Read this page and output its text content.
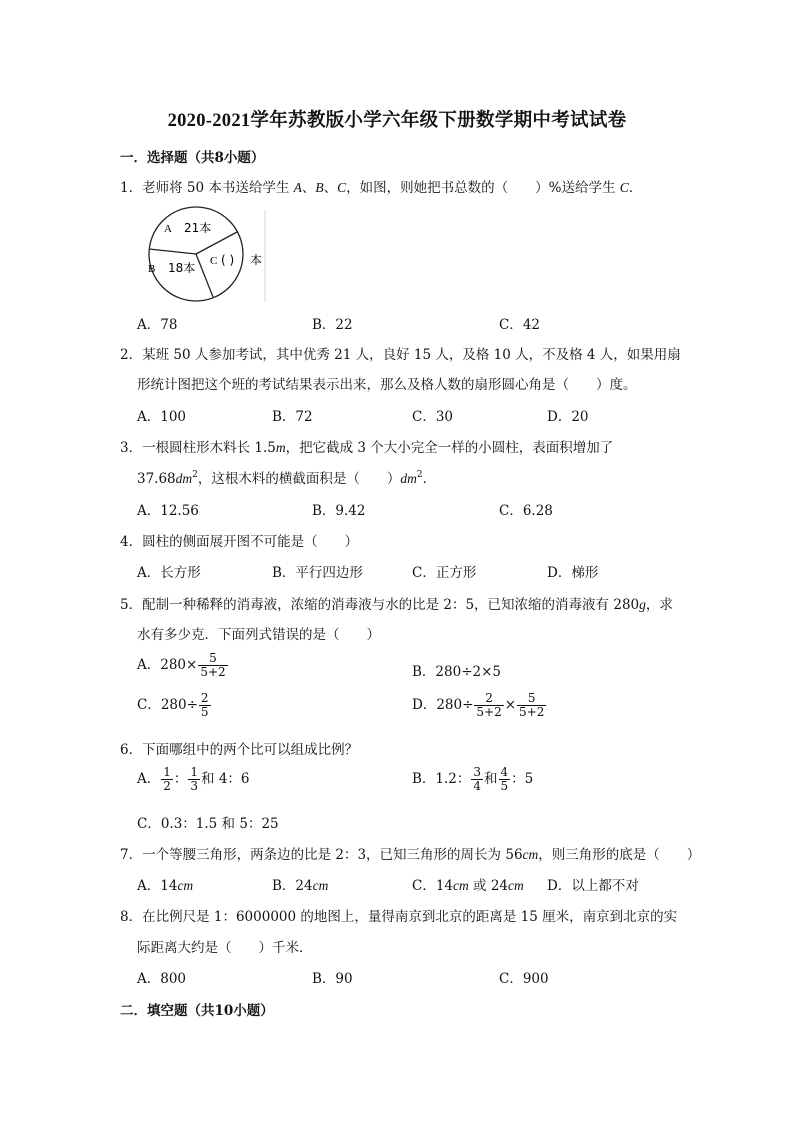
2020-2021学年苏教版小学六年级下册数学期中考试试卷
一．选择题（共8小题）
1．老师将 50 本书送给学生 A、B、C，如图，则她把书总数的（　　）%送给学生 C．
A 21本
B 18本 C ( ) 本
A．78	B．22	C．42
2．某班 50 人参加考试，其中优秀 21 人，良好 15 人，及格 10 人，不及格 4 人，如果用扇
形统计图把这个班的考试结果表示出来，那么及格人数的扇形圆心角是（　　）度。
A．100	B．72	C．30	D．20
3．一根圆柱形木料长 1.5m，把它截成 3 个大小完全一样的小圆柱，表面积增加了
$37.68dm^2$，这根木料的横截面积是（　　）$dm^2$．
A．12.56	B．9.42	C．6.28
4．圆柱的侧面展开图不可能是（　　）
A．长方形	B．平行四边形	C．正方形	D．梯形
5．配制一种稀释的消毒液，浓缩的消毒液与水的比是 2：5，已知浓缩的消毒液有 280g，求
水有多少克．下面列式错误的是（　　）
A．$280\times \frac{5}{5+2}$	B．280÷2×5
C．$280\div \frac{2}{5}$	D．$280\div \frac{2}{5+2} \times \frac{5}{5+2}$
6．下面哪组中的两个比可以组成比例？
A． $\frac{1}{2}$ ： $\frac{1}{3}$ 和 4：6	B．1.2： $\frac{3}{4}$ 和 $\frac{4}{5}$ ：5
C．0.3：1.5 和 5：25
7．一个等腰三角形，两条边的比是 2：3，已知三角形的周长为 56cm，则三角形的底是（　　）
A．14cm	B．24cm	C．14cm 或 24cm D．以上都不对
8．在比例尺是 1：6000000 的地图上，量得南京到北京的距离是 15 厘米，南京到北京的实
际距离大约是（　　）千米．
A．800	B．90	C．900
二．填空题（共10小题）
